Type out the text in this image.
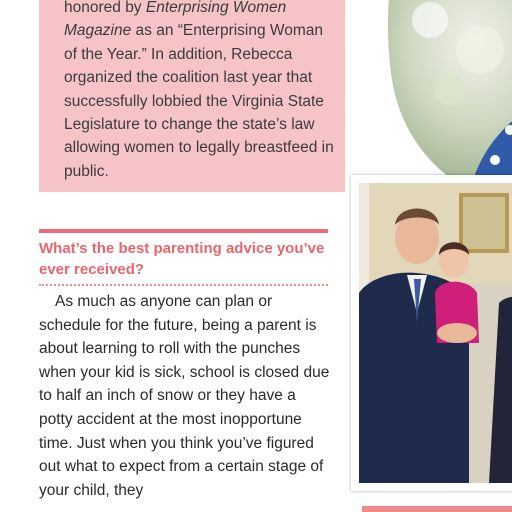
honored by Enterprising Women Magazine as an “Enterprising Woman of the Year.” In addition, Rebecca organized the coalition last year that successfully lobbied the Virginia State Legislature to change the state’s law allowing women to legally breastfeed in public.

What’s the best parenting advice you’ve ever received?

As much as anyone can plan or schedule for the future, being a parent is about learning to roll with the punches when your kid is sick, school is closed due to half an inch of snow or they have a potty accident at the most inopportune time. Just when you think you’ve figured out what to expect from a certain stage of your child, they
